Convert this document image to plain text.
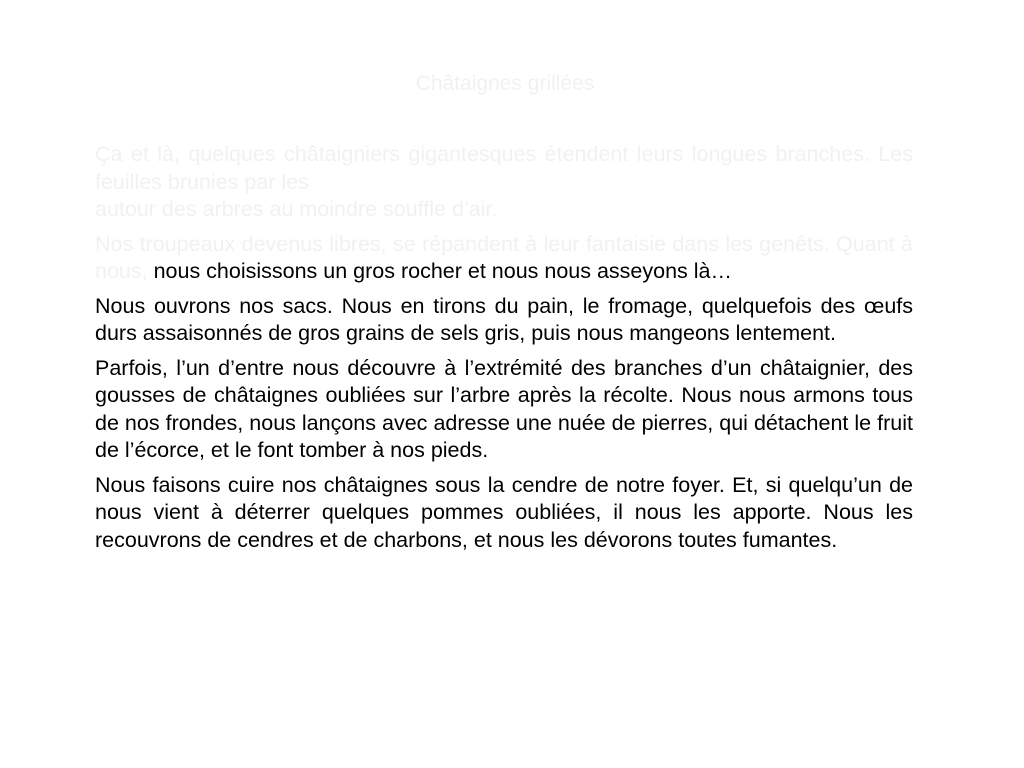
Châtaignes grillées

Ça et là, quelques châtaigniers gigantesques étendent leurs longues branches. Les feuilles brunies par les
autour des arbres au moindre souffle d’air.

Nos troupeaux devenus libres, se répandent à leur fantaisie dans les genêts. Quant à nous, nous choisissons un gros rocher et nous nous asseyons là…

Nous ouvrons nos sacs. Nous en tirons du pain, le fromage, quelquefois des œufs durs assaisonnés de gros grains de sels gris, puis nous mangeons lentement.

Parfois, l’un d’entre nous découvre à l’extrémité des branches d’un châtaignier, des gousses de châtaignes oubliées sur l’arbre après la récolte. Nous nous armons tous de nos frondes, nous lançons avec adresse une nuée de pierres, qui détachent le fruit de l’écorce, et le font tomber à nos pieds.

Nous faisons cuire nos châtaignes sous la cendre de notre foyer. Et, si quelqu’un de nous vient à déterrer quelques pommes oubliées, il nous les apporte. Nous les recouvrons de cendres et de charbons, et nous les dévorons toutes fumantes.
